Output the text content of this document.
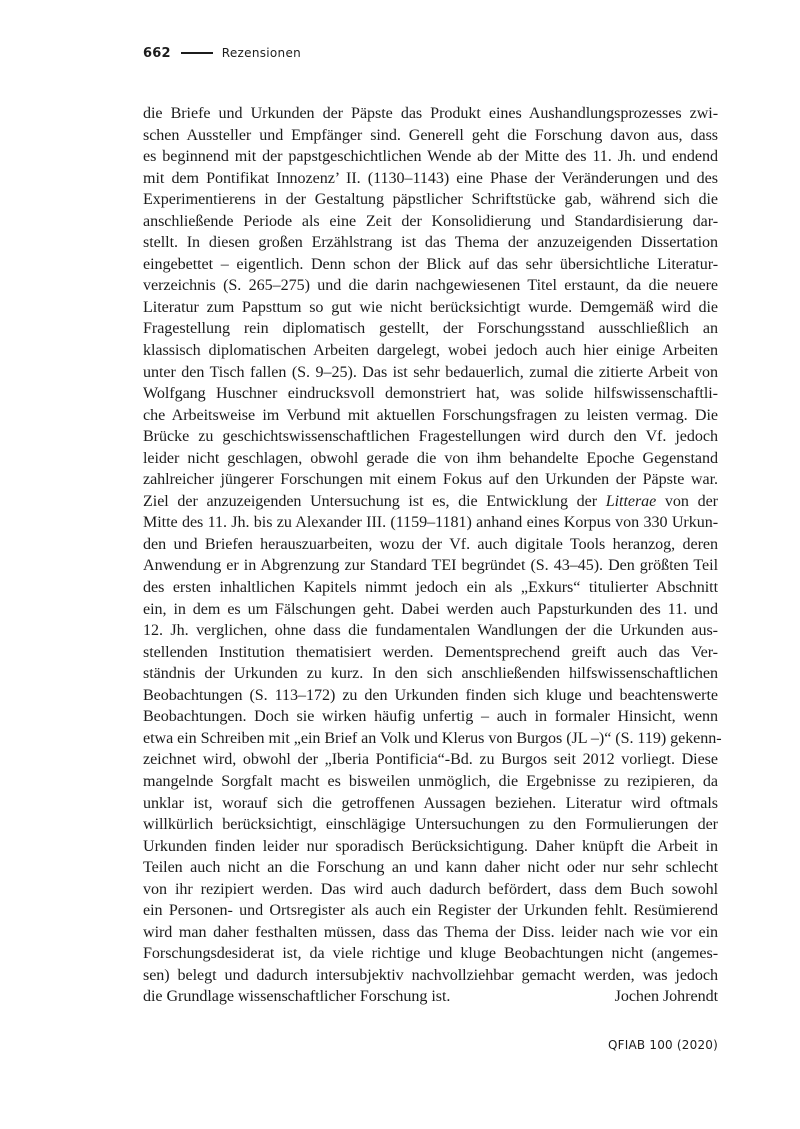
662	Rezensionen
die Briefe und Urkunden der Päpste das Produkt eines Aushandlungsprozesses zwi-
schen Aussteller und Empfänger sind. Generell geht die Forschung davon aus, dass
es beginnend mit der papstgeschichtlichen Wende ab der Mitte des 11. Jh. und endend
mit dem Pontifikat Innozenz’ II. (1130–1143) eine Phase der Veränderungen und des
Experimentierens in der Gestaltung päpstlicher Schriftstücke gab, während sich die
anschließende Periode als eine Zeit der Konsolidierung und Standardisierung dar-
stellt. In diesen großen Erzählstrang ist das Thema der anzuzeigenden Dissertation
eingebettet – eigentlich. Denn schon der Blick auf das sehr übersichtliche Literatur-
verzeichnis (S. 265–275) und die darin nachgewiesenen Titel erstaunt, da die neuere
Literatur zum Papsttum so gut wie nicht berücksichtigt wurde. Demgemäß wird die
Fragestellung rein diplomatisch gestellt, der Forschungsstand ausschließlich an
klassisch diplomatischen Arbeiten dargelegt, wobei jedoch auch hier einige Arbeiten
unter den Tisch fallen (S. 9–25). Das ist sehr bedauerlich, zumal die zitierte Arbeit von
Wolfgang Huschner eindrucksvoll demonstriert hat, was solide hilfswissenschaftli-
che Arbeitsweise im Verbund mit aktuellen Forschungsfragen zu leisten vermag. Die
Brücke zu geschichtswissenschaftlichen Fragestellungen wird durch den Vf. jedoch
leider nicht geschlagen, obwohl gerade die von ihm behandelte Epoche Gegenstand
zahlreicher jüngerer Forschungen mit einem Fokus auf den Urkunden der Päpste war.
Ziel der anzuzeigenden Untersuchung ist es, die Entwicklung der Litterae von der
Mitte des 11. Jh. bis zu Alexander III. (1159–1181) anhand eines Korpus von 330 Urkun-
den und Briefen herauszuarbeiten, wozu der Vf. auch digitale Tools heranzog, deren
Anwendung er in Abgrenzung zur Standard TEI begründet (S. 43–45). Den größten Teil
des ersten inhaltlichen Kapitels nimmt jedoch ein als „Exkurs“ titulierter Abschnitt
ein, in dem es um Fälschungen geht. Dabei werden auch Papsturkunden des 11. und
12. Jh. verglichen, ohne dass die fundamentalen Wandlungen der die Urkunden aus-
stellenden Institution thematisiert werden. Dementsprechend greift auch das Ver-
ständnis der Urkunden zu kurz. In den sich anschließenden hilfswissenschaftlichen
Beobachtungen (S. 113–172) zu den Urkunden finden sich kluge und beachtenswerte
Beobachtungen. Doch sie wirken häufig unfertig – auch in formaler Hinsicht, wenn
etwa ein Schreiben mit „ein Brief an Volk und Klerus von Burgos (JL –)“ (S. 119) gekenn-
zeichnet wird, obwohl der „Iberia Pontificia“-Bd. zu Burgos seit 2012 vorliegt. Diese
mangelnde Sorgfalt macht es bisweilen unmöglich, die Ergebnisse zu rezipieren, da
unklar ist, worauf sich die getroffenen Aussagen beziehen. Literatur wird oftmals
willkürlich berücksichtigt, einschlägige Untersuchungen zu den Formulierungen der
Urkunden finden leider nur sporadisch Berücksichtigung. Daher knüpft die Arbeit in
Teilen auch nicht an die Forschung an und kann daher nicht oder nur sehr schlecht
von ihr rezipiert werden. Das wird auch dadurch befördert, dass dem Buch sowohl
ein Personen- und Ortsregister als auch ein Register der Urkunden fehlt. Resümierend
wird man daher festhalten müssen, dass das Thema der Diss. leider nach wie vor ein
Forschungsdesiderat ist, da viele richtige und kluge Beobachtungen nicht (angemes-
sen) belegt und dadurch intersubjektiv nachvollziehbar gemacht werden, was jedoch
die Grundlage wissenschaftlicher Forschung ist.	Jochen Johrendt
QFIAB 100 (2020)
